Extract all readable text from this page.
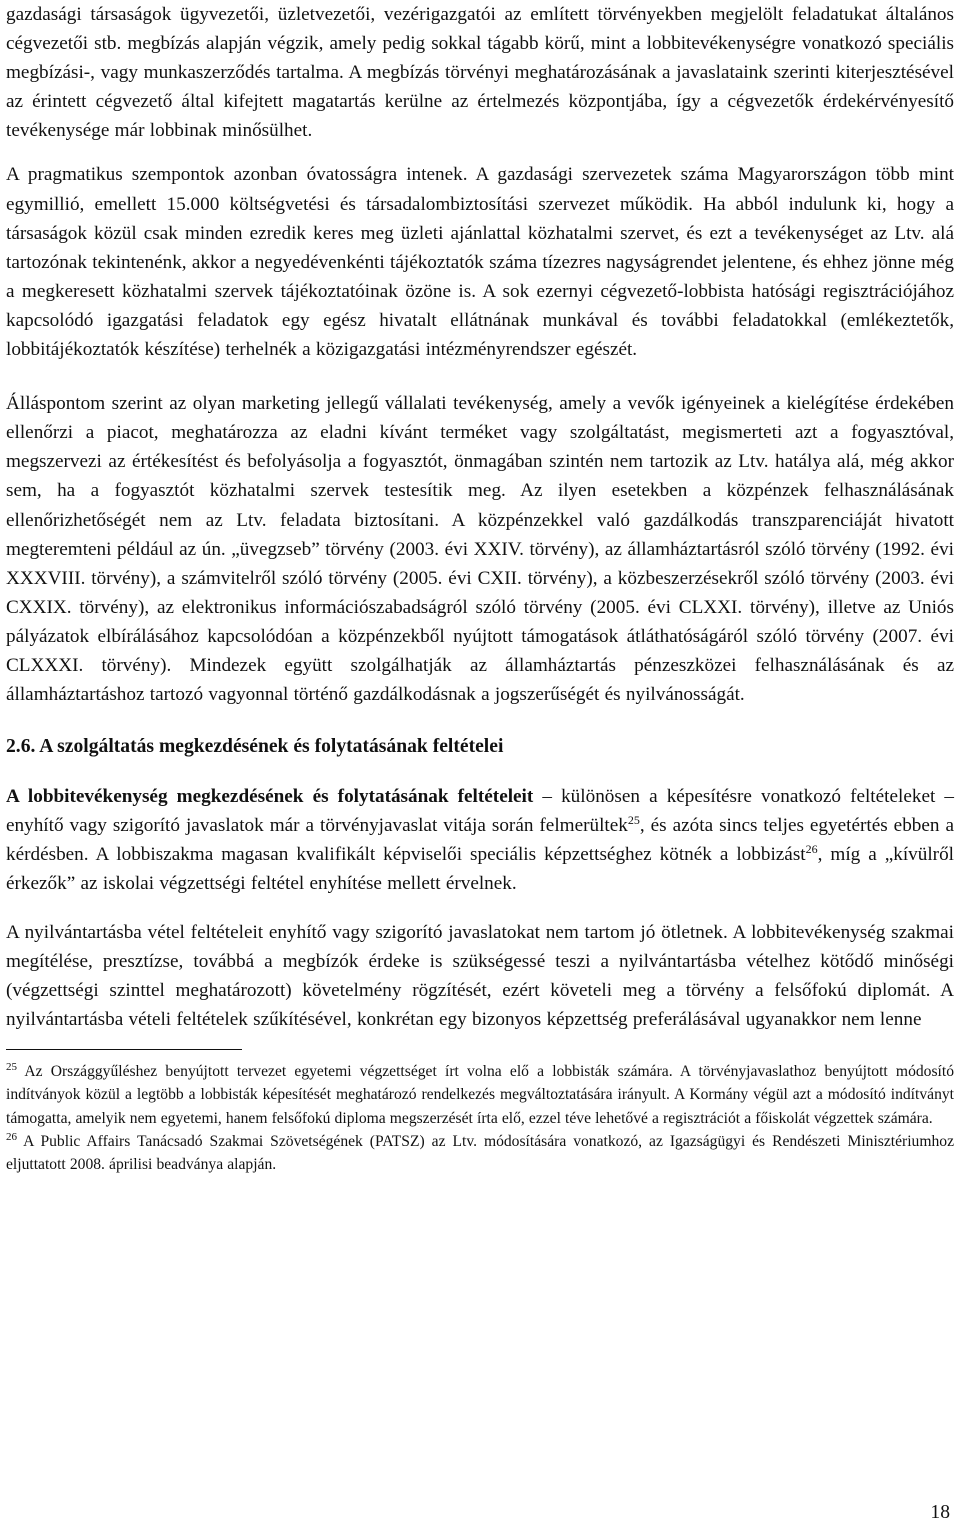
gazdasági társaságok ügyvezetői, üzletvezetői, vezérigazgatói az említett törvényekben megjelölt feladatukat általános cégvezetői stb. megbízás alapján végzik, amely pedig sokkal tágabb körű, mint a lobbitevékenységre vonatkozó speciális megbízási-, vagy munkaszerződés tartalma. A megbízás törvényi meghatározásának a javaslataink szerinti kiterjesztésével az érintett cégvezető által kifejtett magatartás kerülne az értelmezés központjába, így a cégvezetők érdekérvényesítő tevékenysége már lobbinak minősülhet.

A pragmatikus szempontok azonban óvatosságra intenek. A gazdasági szervezetek száma Magyarországon több mint egymillió, emellett 15.000 költségvetési és társadalombiztosítási szervezet működik. Ha abból indulunk ki, hogy a társaságok közül csak minden ezredik keres meg üzleti ajánlattal közhatalmi szervet, és ezt a tevékenységet az Ltv. alá tartozónak tekintenénk, akkor a negyedévenkénti tájékoztatók száma tízezres nagyságrendet jelentene, és ehhez jönne még a megkeresett közhatalmi szervek tájékoztatóinak özöne is. A sok ezernyi cégvezető-lobbista hatósági regisztrációjához kapcsolódó igazgatási feladatok egy egész hivatalt ellátnának munkával és további feladatokkal (emlékeztetők, lobbitájékoztatók készítése) terhelnék a közigazgatási intézményrendszer egészét.

Álláspontom szerint az olyan marketing jellegű vállalati tevékenység, amely a vevők igényeinek a kielégítése érdekében ellenőrzi a piacot, meghatározza az eladni kívánt terméket vagy szolgáltatást, megismerteti azt a fogyasztóval, megszervezi az értékesítést és befolyásolja a fogyasztót, önmagában szintén nem tartozik az Ltv. hatálya alá, még akkor sem, ha a fogyasztót közhatalmi szervek testesítik meg. Az ilyen esetekben a közpénzek felhasználásának ellenőrizhetőségét nem az Ltv. feladata biztosítani. A közpénzekkel való gazdálkodás transzparenciáját hivatott megteremteni például az ún. „üvegzseb” törvény (2003. évi XXIV. törvény), az államháztartásról szóló törvény (1992. évi XXXVIII. törvény), a számvitelről szóló törvény (2005. évi CXII. törvény), a közbeszerzésekről szóló törvény (2003. évi CXXIX. törvény), az elektronikus információszabadságról szóló törvény (2005. évi CLXXI. törvény), illetve az Uniós pályázatok elbírálásához kapcsolódóan a közpénzekből nyújtott támogatások átláthatóságáról szóló törvény (2007. évi CLXXXI. törvény). Mindezek együtt szolgálhatják az államháztartás pénzeszközei felhasználásának és az államháztartáshoz tartozó vagyonnal történő gazdálkodásnak a jogszerűségét és nyilvánosságát.

2.6. A szolgáltatás megkezdésének és folytatásának feltételei

A lobbitevékenység megkezdésének és folytatásának feltételeit – különösen a képesítésre vonatkozó feltételeket – enyhítő vagy szigorító javaslatok már a törvényjavaslat vitája során felmerültek$^{25}$, és azóta sincs teljes egyetértés ebben a kérdésben. A lobbiszakma magasan kvalifikált képviselői speciális képzettséghez kötnék a lobbizást$^{26}$, míg a „kívülről érkezők” az iskolai végzettségi feltétel enyhítése mellett érvelnek.

A nyilvántartásba vétel feltételeit enyhítő vagy szigorító javaslatokat nem tartom jó ötletnek. A lobbitevékenység szakmai megítélése, presztízse, továbbá a megbízók érdeke is szükségessé teszi a nyilvántartásba vételhez kötődő minőségi (végzettségi szinttel meghatározott) követelmény rögzítését, ezért követeli meg a törvény a felsőfokú diplomát. A nyilvántartásba vételi feltételek szűkítésével, konkrétan egy bizonyos képzettség preferálásával ugyanakkor nem lenne

$^{25}$ Az Országgyűléshez benyújtott tervezet egyetemi végzettséget írt volna elő a lobbisták számára. A törvényjavaslathoz benyújtott módosító indítványok közül a legtöbb a lobbisták képesítését meghatározó rendelkezés megváltoztatására irányult. A Kormány végül azt a módosító indítványt támogatta, amelyik nem egyetemi, hanem felsőfokú diploma megszerzését írta elő, ezzel téve lehetővé a regisztrációt a főiskolát végzettek számára.

$^{26}$ A Public Affairs Tanácsadó Szakmai Szövetségének (PATSZ) az Ltv. módosítására vonatkozó, az Igazságügyi és Rendészeti Minisztériumhoz eljuttatott 2008. áprilisi beadványa alapján.

18
